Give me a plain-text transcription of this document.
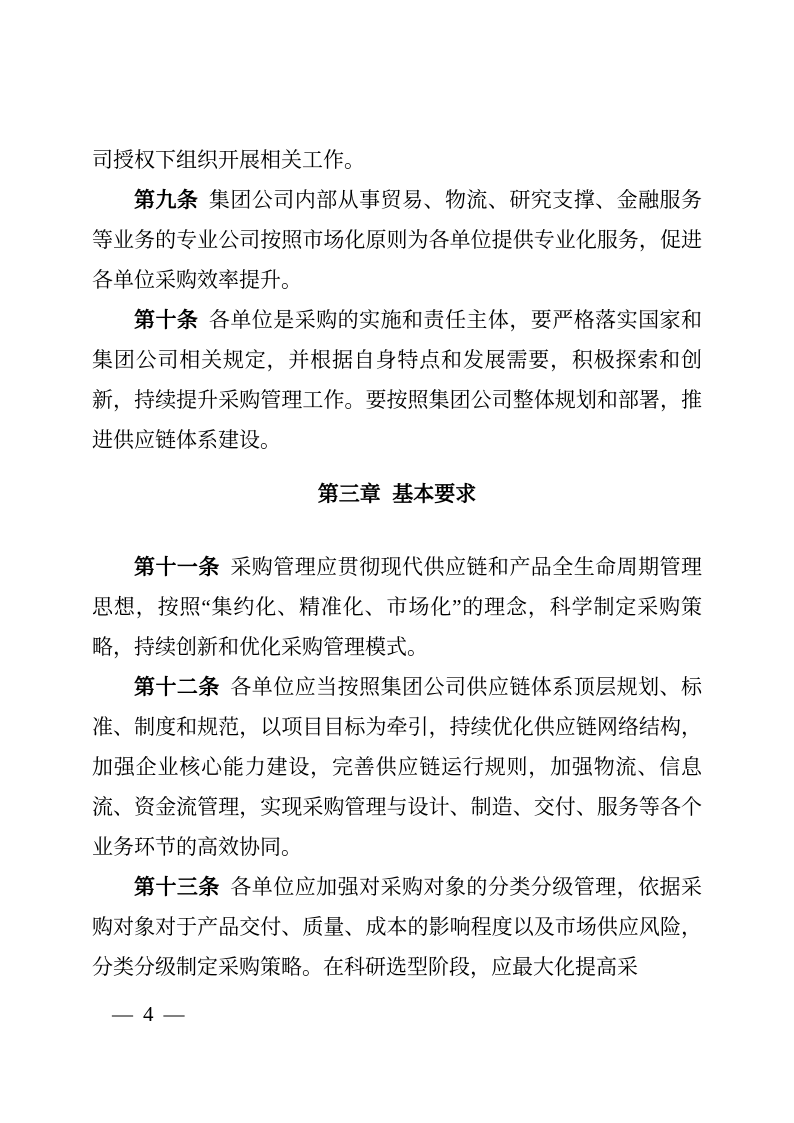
司授权下组织开展相关工作。

第九条 集团公司内部从事贸易、物流、研究支撑、金融服务等业务的专业公司按照市场化原则为各单位提供专业化服务，促进各单位采购效率提升。

第十条 各单位是采购的实施和责任主体，要严格落实国家和集团公司相关规定，并根据自身特点和发展需要，积极探索和创新，持续提升采购管理工作。要按照集团公司整体规划和部署，推进供应链体系建设。

第三章 基本要求

第十一条 采购管理应贯彻现代供应链和产品全生命周期管理思想，按照“集约化、精准化、市场化”的理念，科学制定采购策略，持续创新和优化采购管理模式。

第十二条 各单位应当按照集团公司供应链体系顶层规划、标准、制度和规范，以项目目标为牵引，持续优化供应链网络结构，加强企业核心能力建设，完善供应链运行规则，加强物流、信息流、资金流管理，实现采购管理与设计、制造、交付、服务等各个业务环节的高效协同。

第十三条 各单位应加强对采购对象的分类分级管理，依据采购对象对于产品交付、质量、成本的影响程度以及市场供应风险，分类分级制定采购策略。在科研选型阶段，应最大化提高采

— 4 —
